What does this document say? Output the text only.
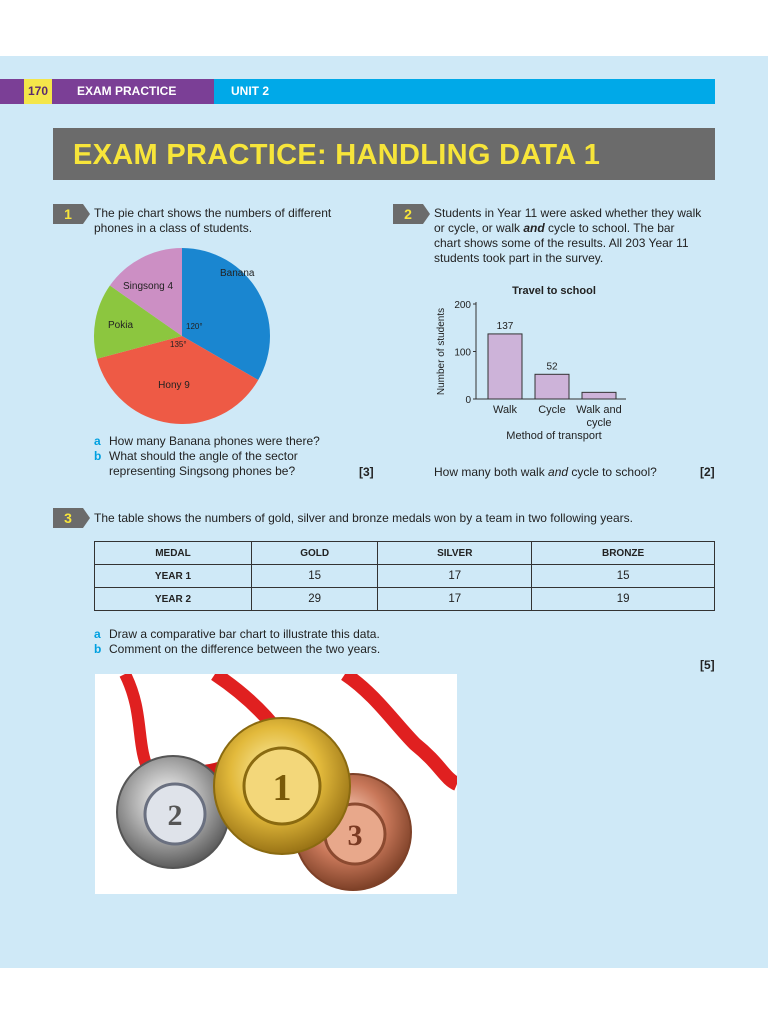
170	EXAM PRACTICE	UNIT 2
EXAM PRACTICE: HANDLING DATA 1
1	The pie chart shows the numbers of different
phones in a class of students.
Banana
Hony 9
Pokia
Singsong 4
120°
135°
a How many Banana phones were there?
b What should the angle of the sector
representing Singsong phones be?	[3]
2	Students in Year 11 were asked whether they walk
or cycle, or walk and cycle to school. The bar
chart shows some of the results. All 203 Year 11
students took part in the survey.
Travel to school
0
100
200
Number of students	137
Walk
52
Cycle Walk and
cycle
Method of transport
How many both walk and cycle to school?	[2]
3	The table shows the numbers of gold, silver and bronze medals won by a team in two following years.
MEDAL	GOLD	SILVER	BRONZE
YEAR 1	15	17	15
YEAR 2	29	17	19
a Draw a comparative bar chart to illustrate this data.
b Comment on the difference between the two years.
[5]
2
3
1
